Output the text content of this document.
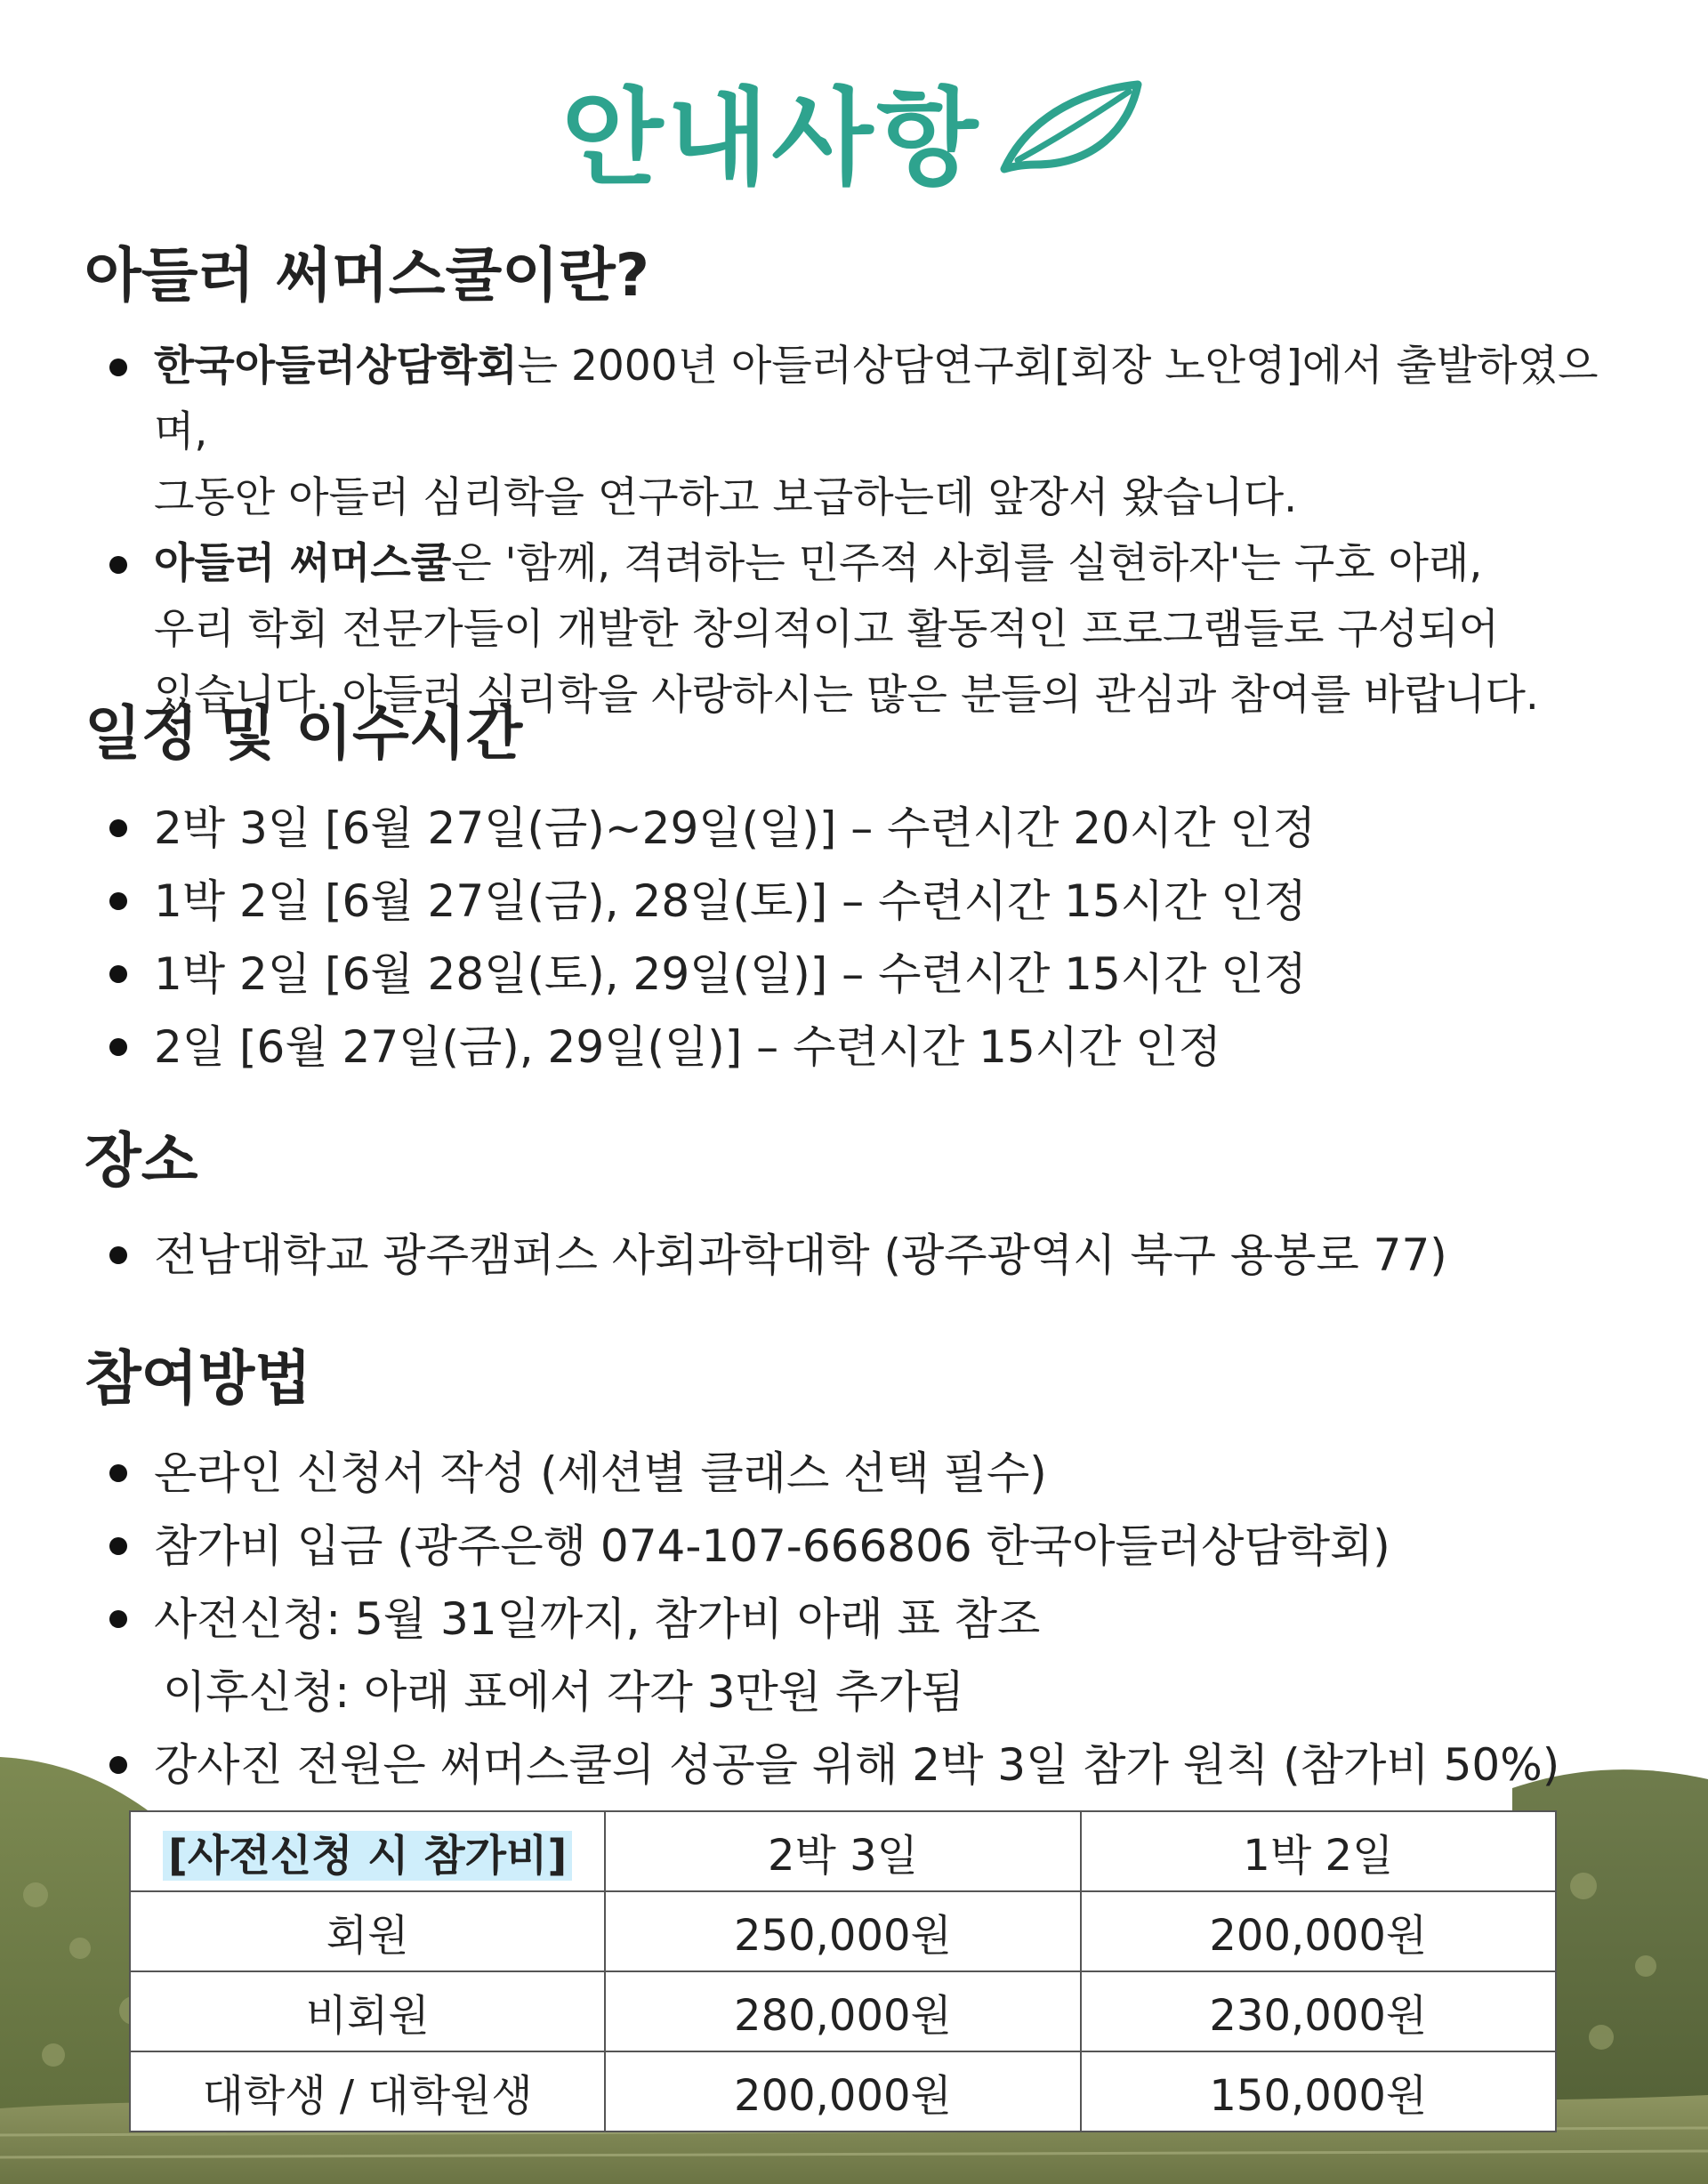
안내사항
아들러 써머스쿨이란?
한국아들러상담학회는 2000년 아들러상담연구회[회장 노안영]에서 출발하였으며,
그동안 아들러 심리학을 연구하고 보급하는데 앞장서 왔습니다.
아들러 써머스쿨은 '함께, 격려하는 민주적 사회를 실현하자'는 구호 아래,
우리 학회 전문가들이 개발한 창의적이고 활동적인 프로그램들로 구성되어
있습니다. 아들러 심리학을 사랑하시는 많은 분들의 관심과 참여를 바랍니다.
일정 및 이수시간
2박 3일 [6월 27일(금)~29일(일)] – 수련시간 20시간 인정
1박 2일 [6월 27일(금), 28일(토)] – 수련시간 15시간 인정
1박 2일 [6월 28일(토), 29일(일)] – 수련시간 15시간 인정
2일 [6월 27일(금), 29일(일)] – 수련시간 15시간 인정
장소
전남대학교 광주캠퍼스 사회과학대학 (광주광역시 북구 용봉로 77)
참여방법
온라인 신청서 작성 (세션별 클래스 선택 필수)
참가비 입금 (광주은행 074-107-666806 한국아들러상담학회)
사전신청: 5월 31일까지, 참가비 아래 표 참조
이후신청: 아래 표에서 각각 3만원 추가됨
강사진 전원은 써머스쿨의 성공을 위해 2박 3일 참가 원칙 (참가비 50%)
[사전신청 시 참가비]	2박 3일	1박 2일
회원	250,000원	200,000원
비회원	280,000원	230,000원
대학생 / 대학원생	200,000원	150,000원
